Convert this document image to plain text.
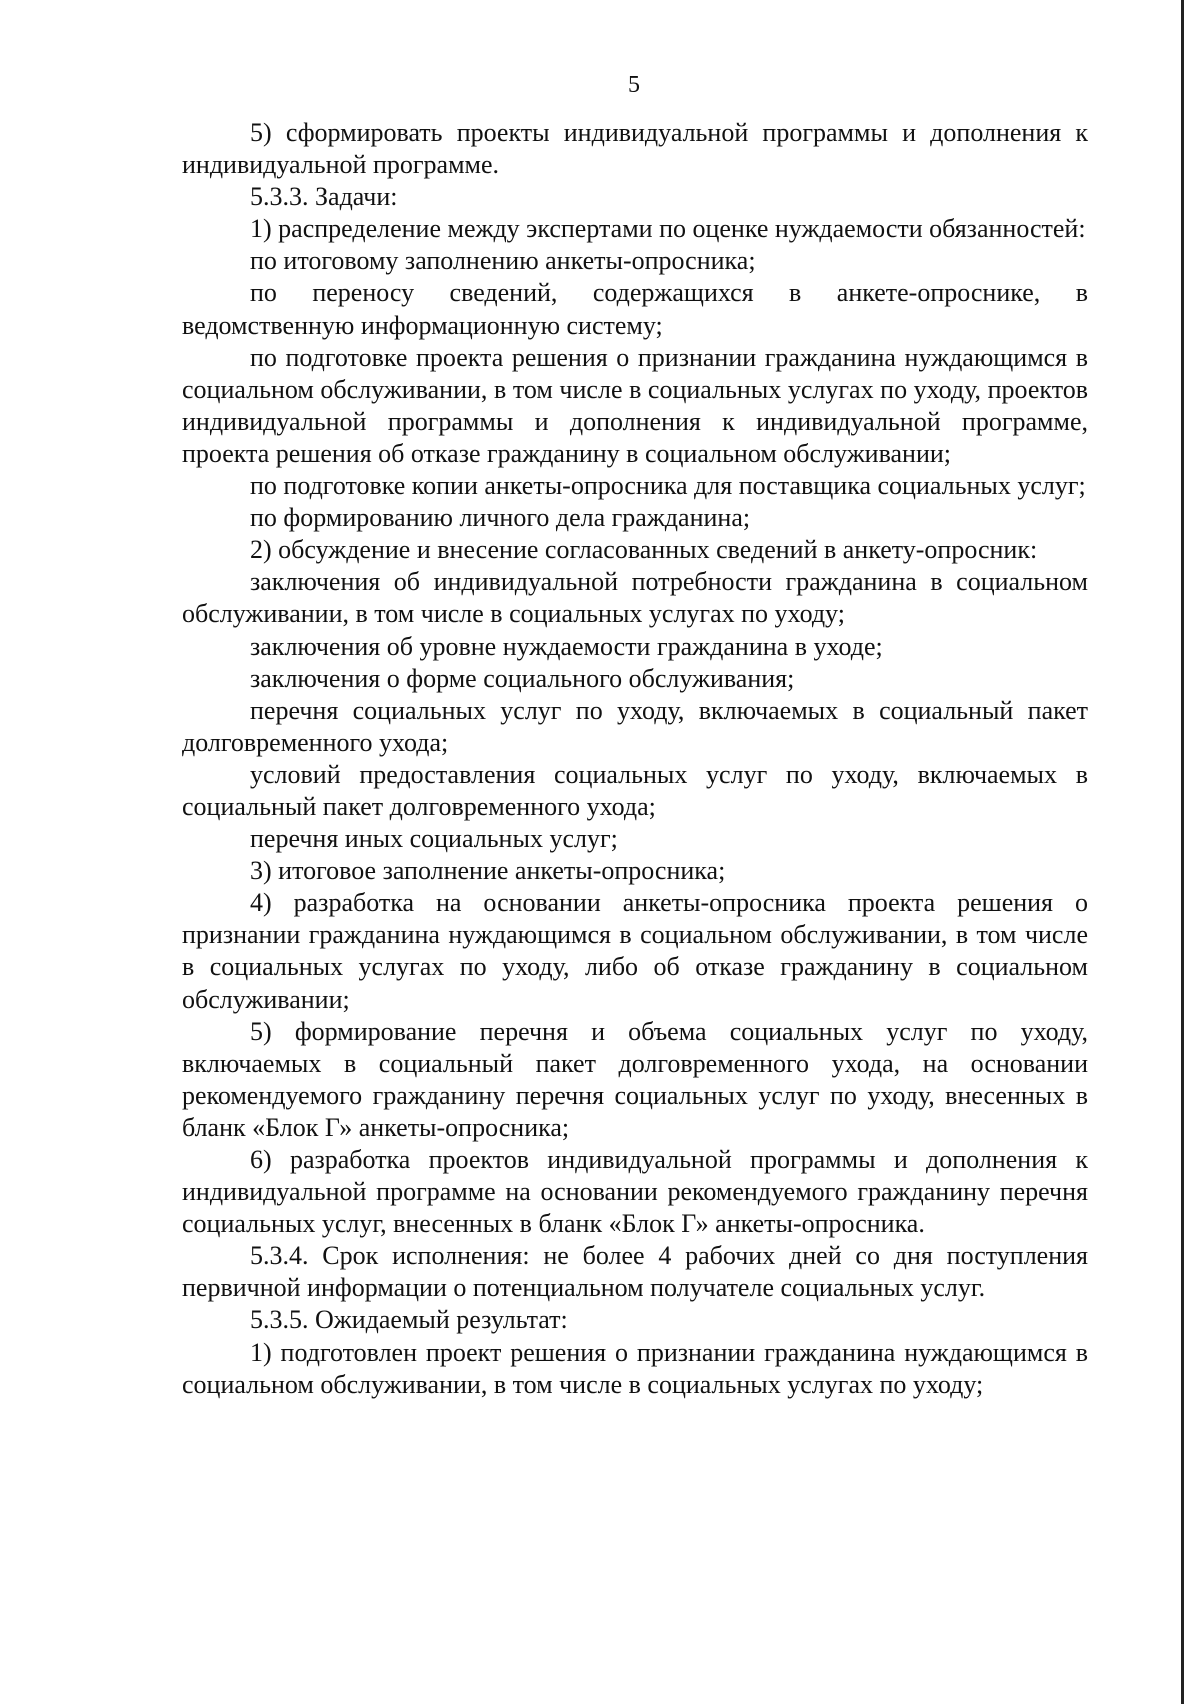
5

5) сформировать проекты индивидуальной программы и дополнения к индивидуальной программе.

5.3.3. Задачи:

1) распределение между экспертами по оценке нуждаемости обязанностей:

по итоговому заполнению анкеты-опросника;

по переносу сведений, содержащихся в анкете-опроснике, в ведомственную информационную систему;

по подготовке проекта решения о признании гражданина нуждающимся в социальном обслуживании, в том числе в социальных услугах по уходу, проектов индивидуальной программы и дополнения к индивидуальной программе, проекта решения об отказе гражданину в социальном обслуживании;

по подготовке копии анкеты-опросника для поставщика социальных услуг;

по формированию личного дела гражданина;

2) обсуждение и внесение согласованных сведений в анкету-опросник:

заключения об индивидуальной потребности гражданина в социальном обслуживании, в том числе в социальных услугах по уходу;

заключения об уровне нуждаемости гражданина в уходе;

заключения о форме социального обслуживания;

перечня социальных услуг по уходу, включаемых в социальный пакет долговременного ухода;

условий предоставления социальных услуг по уходу, включаемых в социальный пакет долговременного ухода;

перечня иных социальных услуг;

3) итоговое заполнение анкеты-опросника;

4) разработка на основании анкеты-опросника проекта решения о признании гражданина нуждающимся в социальном обслуживании, в том числе в социальных услугах по уходу, либо об отказе гражданину в социальном обслуживании;

5) формирование перечня и объема социальных услуг по уходу, включаемых в социальный пакет долговременного ухода, на основании рекомендуемого гражданину перечня социальных услуг по уходу, внесенных в бланк «Блок Г» анкеты-опросника;

6) разработка проектов индивидуальной программы и дополнения к индивидуальной программе на основании рекомендуемого гражданину перечня социальных услуг, внесенных в бланк «Блок Г» анкеты-опросника.

5.3.4. Срок исполнения: не более 4 рабочих дней со дня поступления первичной информации о потенциальном получателе социальных услуг.

5.3.5. Ожидаемый результат:

1) подготовлен проект решения о признании гражданина нуждающимся в социальном обслуживании, в том числе в социальных услугах по уходу;
